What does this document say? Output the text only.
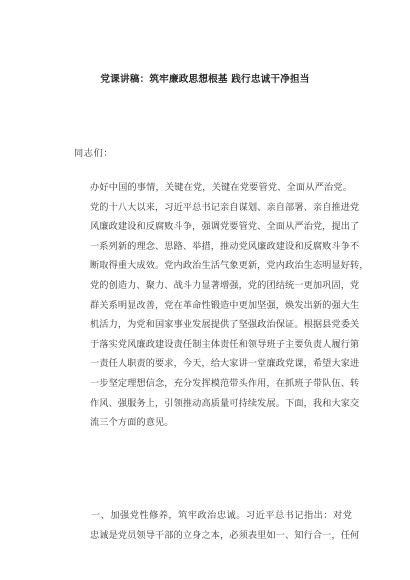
党课讲稿：筑牢廉政思想根基 践行忠诚干净担当
同志们：
办好中国的事情，关键在党，关键在党要管党、全面从严治党。
党的十八大以来，习近平总书记亲自谋划、亲自部署、亲自推进党
风廉政建设和反腐败斗争，强调党要管党、全面从严治党，提出了
一系列新的理念、思路、举措，推动党风廉政建设和反腐败斗争不
断取得重大成效。党内政治生活气象更新，党内政治生态明显好转，
党的创造力、聚力、战斗力显著增强，党的团结统一更加巩固，党
群关系明显改善，党在革命性锻造中更加坚强，焕发出新的强大生
机活力，为党和国家事业发展提供了坚强政治保证。根据县党委关
于落实党风廉政建设责任制主体责任和领导班子主要负责人履行第
一责任人职责的要求，今天，给大家讲一堂廉政党课，希望大家进
一步坚定理想信念，充分发挥模范带头作用，在抓班子带队伍、转
作风、强服务上，引领推动高质量可持续发展。下面，我和大家交
流三个方面的意见。
一、加强党性修养，筑牢政治忠诚。习近平总书记指出：对党
忠诚是党员领导干部的立身之本，必须表里如一、知行合一，任何
